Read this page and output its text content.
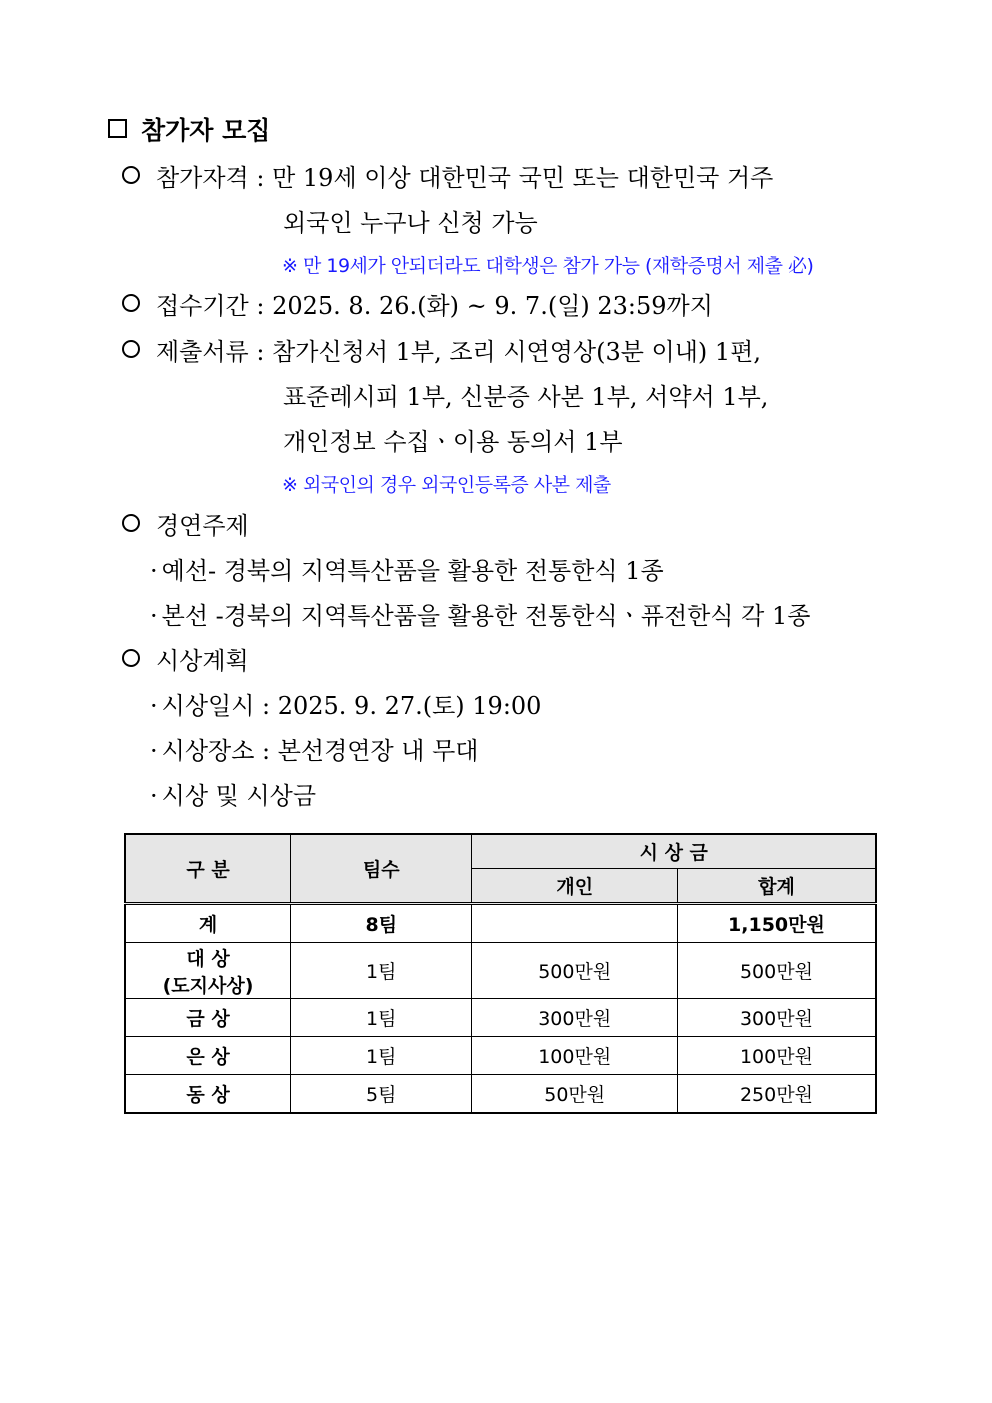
참가자 모집
참가자격 : 만 19세 이상 대한민국 국민 또는 대한민국 거주
외국인 누구나 신청 가능
※ 만 19세가 안되더라도 대학생은 참가 가능 (재학증명서 제출 必)
접수기간 : 2025. 8. 26.(화) ~ 9. 7.(일) 23:59까지
제출서류 : 참가신청서 1부, 조리 시연영상(3분 이내) 1편,
표준레시피 1부, 신분증 사본 1부, 서약서 1부,
개인정보 수집ㆍ이용 동의서 1부
※ 외국인의 경우 외국인등록증 사본 제출
경연주제
· 예선- 경북의 지역특산품을 활용한 전통한식 1종
· 본선 -경북의 지역특산품을 활용한 전통한식ㆍ퓨전한식 각 1종
시상계획
· 시상일시 : 2025. 9. 27.(토) 19:00
· 시상장소 : 본선경연장 내 무대
· 시상 및 시상금
구 분	팀수	시 상 금	
		개인	합계
계	8팀		1,150만원

대 상
(도지사상)	1팀	500만원	500만원
금 상	1팀	300만원	300만원
은 상	1팀	100만원	100만원
동 상	5팀	50만원	250만원
